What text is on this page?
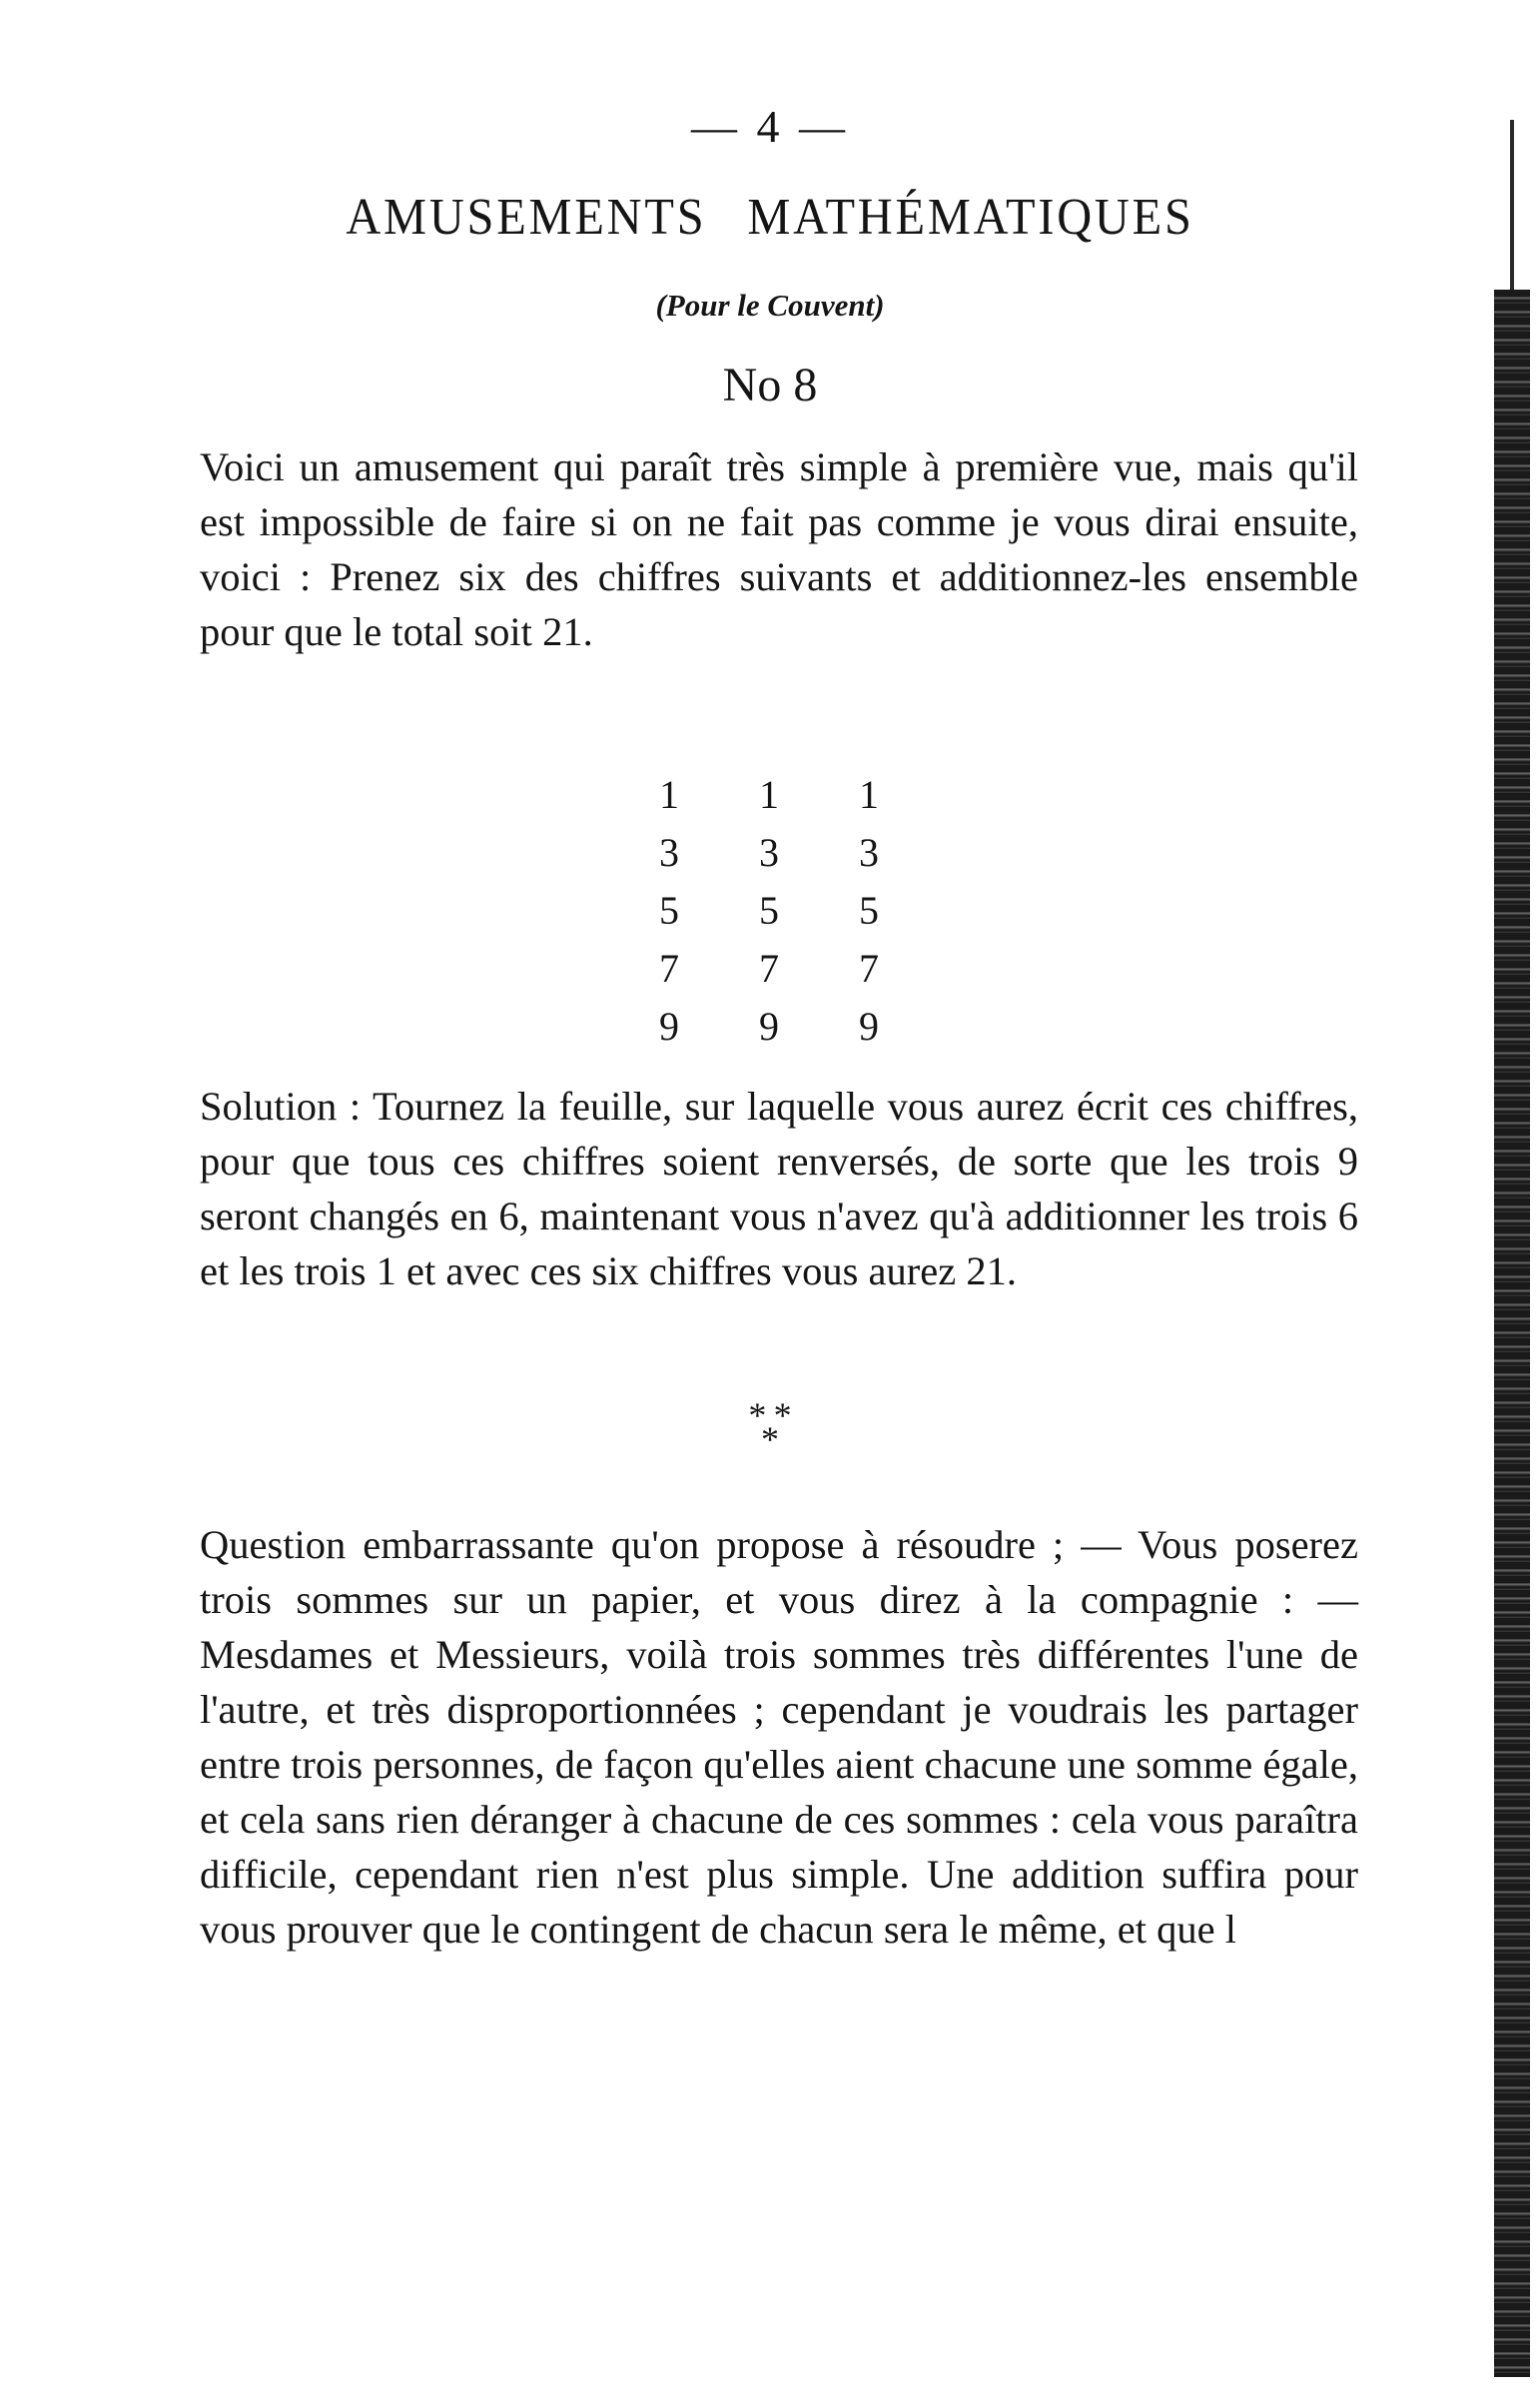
— 4 —
AMUSEMENTS MATHÉMATIQUES
(Pour le Couvent)
No 8

Voici un amusement qui paraît très simple à première vue, mais qu'il est impossible de faire si on ne fait pas comme je vous dirai ensuite, voici : Prenez six des chiffres suivants et additionnez-les ensemble pour que le total soit 21.

1	1	1
3	3	3
5	5	5
7	7	7
9	9	9

Solution : Tournez la feuille, sur laquelle vous aurez écrit ces chiffres, pour que tous ces chiffres soient renversés, de sorte que les trois 9 seront changés en 6, maintenant vous n'avez qu'à additionner les trois 6 et les trois 1 et avec ces six chiffres vous aurez 21.

* *
*

Question embarrassante qu'on propose à résoudre ; — Vous poserez trois sommes sur un papier, et vous direz à la compagnie : — Mesdames et Messieurs, voilà trois sommes très différentes l'une de l'autre, et très disproportionnées ; cependant je voudrais les partager entre trois personnes, de façon qu'elles aient chacune une somme égale, et cela sans rien déranger à chacune de ces sommes : cela vous paraîtra difficile, cependant rien n'est plus simple. Une addition suffira pour vous prouver que le contingent de chacun sera le même, et que l
